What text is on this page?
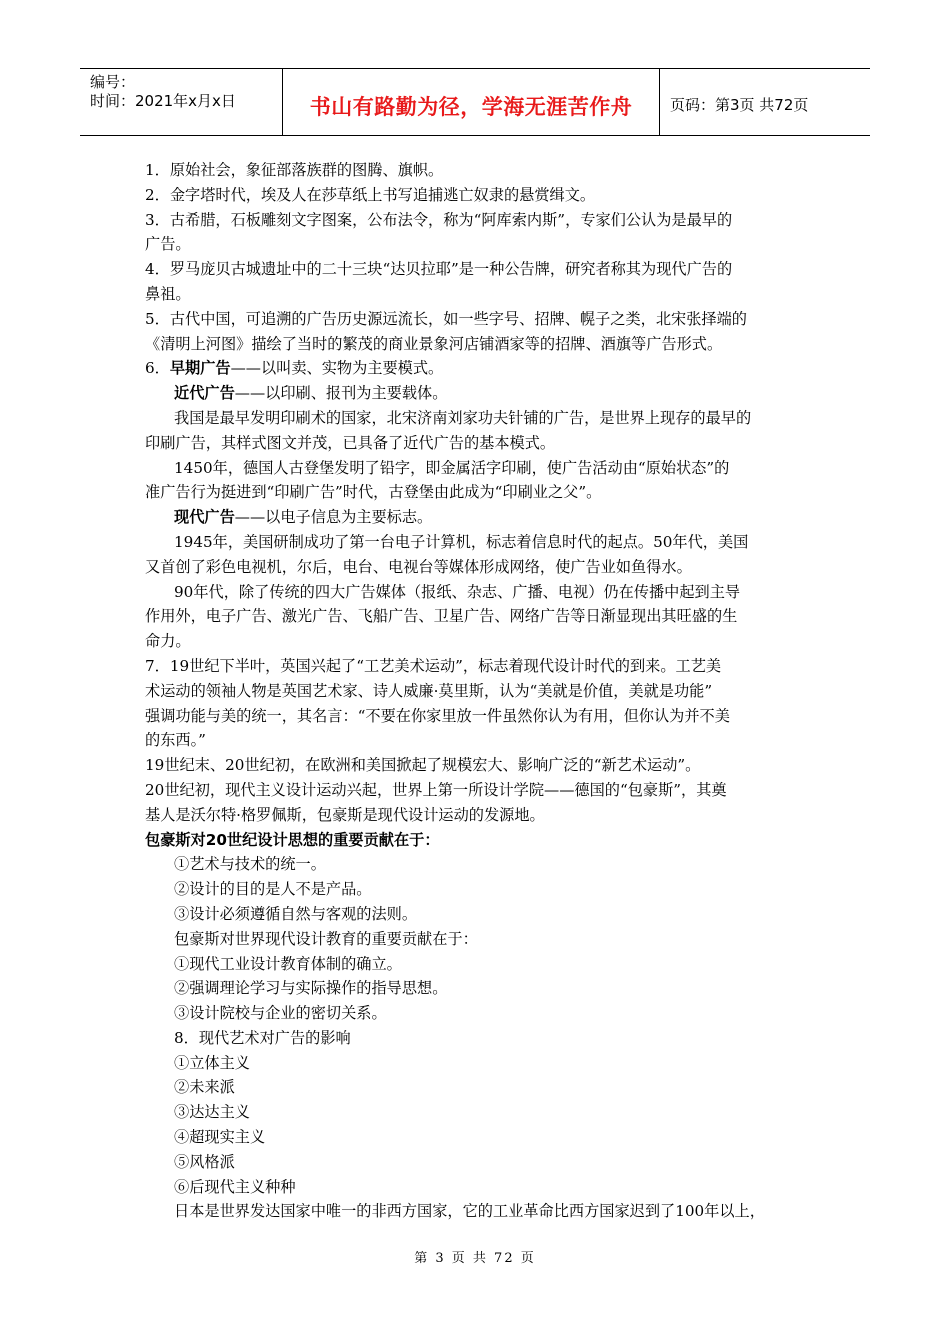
编号：
时间：2021年x月x日	书山有路勤为径，学海无涯苦作舟	页码：第3页 共72页
1．原始社会，象征部落族群的图腾、旗帜。
2．金字塔时代，埃及人在莎草纸上书写追捕逃亡奴隶的悬赏缉文。
3．古希腊，石板雕刻文字图案，公布法令，称为“阿库索内斯”，专家们公认为是最早的
广告。
4．罗马庞贝古城遗址中的二十三块“达贝拉耶”是一种公告牌，研究者称其为现代广告的
鼻祖。
5．古代中国，可追溯的广告历史源远流长，如一些字号、招牌、幌子之类，北宋张择端的
《清明上河图》描绘了当时的繁茂的商业景象河店铺酒家等的招牌、酒旗等广告形式。
6．早期广告——以叫卖、实物为主要模式。
近代广告——以印刷、报刊为主要载体。
我国是最早发明印刷术的国家，北宋济南刘家功夫针铺的广告，是世界上现存的最早的
印刷广告，其样式图文并茂，已具备了近代广告的基本模式。
1450年，德国人古登堡发明了铅字，即金属活字印刷，使广告活动由“原始状态”的
准广告行为挺进到“印刷广告”时代，古登堡由此成为“印刷业之父”。
现代广告——以电子信息为主要标志。
1945年，美国研制成功了第一台电子计算机，标志着信息时代的起点。50年代，美国
又首创了彩色电视机，尔后，电台、电视台等媒体形成网络，使广告业如鱼得水。
90年代，除了传统的四大广告媒体（报纸、杂志、广播、电视）仍在传播中起到主导
作用外，电子广告、激光广告、飞船广告、卫星广告、网络广告等日渐显现出其旺盛的生
命力。
7．19世纪下半叶，英国兴起了“工艺美术运动”，标志着现代设计时代的到来。工艺美
术运动的领袖人物是英国艺术家、诗人威廉·莫里斯，认为“美就是价值，美就是功能”
强调功能与美的统一，其名言：“不要在你家里放一件虽然你认为有用，但你认为并不美
的东西。”
19世纪末、20世纪初，在欧洲和美国掀起了规模宏大、影响广泛的“新艺术运动”。
20世纪初，现代主义设计运动兴起，世界上第一所设计学院——德国的“包豪斯”，其奠
基人是沃尔特·格罗佩斯，包豪斯是现代设计运动的发源地。
包豪斯对20世纪设计思想的重要贡献在于：
①艺术与技术的统一。
②设计的目的是人不是产品。
③设计必须遵循自然与客观的法则。
包豪斯对世界现代设计教育的重要贡献在于：
①现代工业设计教育体制的确立。
②强调理论学习与实际操作的指导思想。
③设计院校与企业的密切关系。
8．现代艺术对广告的影响
①立体主义
②未来派
③达达主义
④超现实主义
⑤风格派
⑥后现代主义种种
日本是世界发达国家中唯一的非西方国家，它的工业革命比西方国家迟到了100年以上，
第 3 页 共 72 页
